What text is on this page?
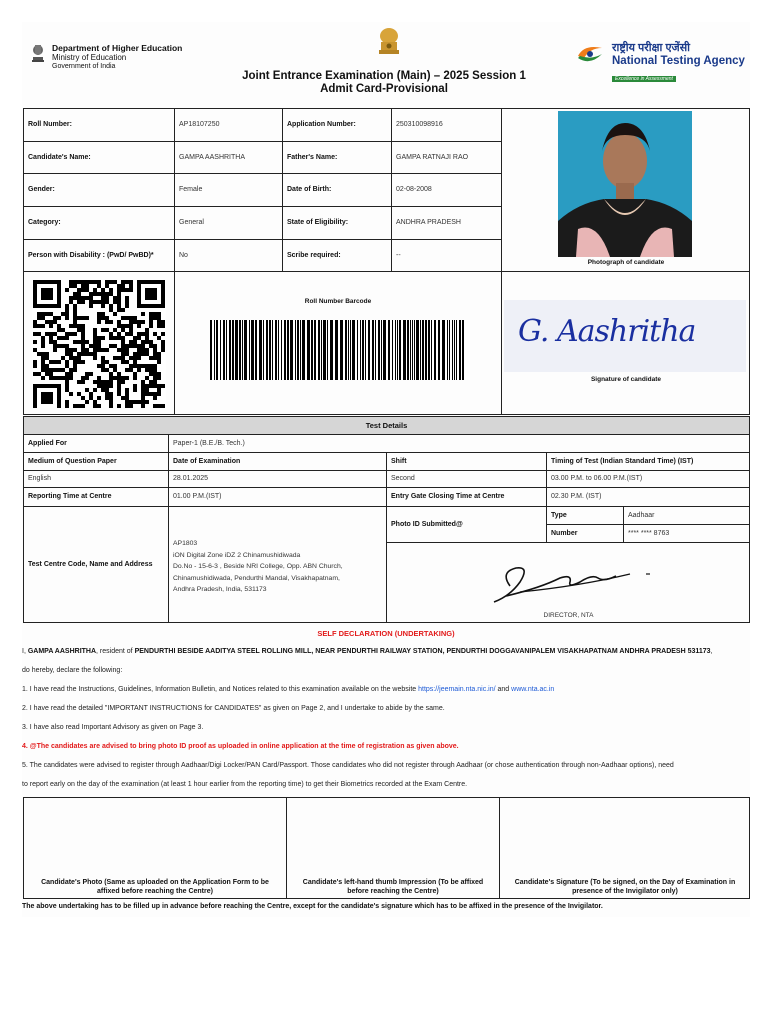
Department of Higher Education
Ministry of Education
Government of India
Joint Entrance Examination (Main) – 2025 Session 1
Admit Card-Provisional
राष्ट्रीय परीक्षा एजेंसी
National Testing Agency
Excellence in Assessment
Roll Number:	AP18107250	Application Number:	250310098916
Candidate's Name:	GAMPA AASHRITHA	Father's Name:	GAMPA RATNAJI RAO
Gender:	Female	Date of Birth:	02-08-2008
Category:	General	State of Eligibility:	ANDHRA PRADESH
Person with Disability : (PwD/ PwBD)*	No	Scribe required:	--
Photograph of candidate
Roll Number Barcode
G. Aashritha
Signature of candidate
Test Details
Applied For	Paper-1 (B.E./B. Tech.)
Medium of Question Paper	Date of Examination	Shift	Timing of Test (Indian Standard Time) (IST)
English	28.01.2025	Second	03.00 P.M. to 06.00 P.M.(IST)
Reporting Time at Centre	01.00 P.M.(IST)	Entry Gate Closing Time at Centre	02.30 P.M. (IST)
Test Centre Code, Name and Address
AP1803
iON Digital Zone iDZ 2 Chinamushidiwada
Do.No - 15-6-3 , Beside NRI College, Opp. ABN Church,
Chinamushidiwada, Pendurthi Mandal, Visakhapatnam,
Andhra Pradesh, India, 531173
Photo ID Submitted@
Type	Aadhaar
Number	**** **** 8763
DIRECTOR, NTA
SELF DECLARATION (UNDERTAKING)
I, GAMPA AASHRITHA, resident of PENDURTHI BESIDE AADITYA STEEL ROLLING MILL, NEAR PENDURTHI RAILWAY STATION, PENDURTHI DOGGAVANIPALEM VISAKHAPATNAM ANDHRA PRADESH 531173,
do hereby, declare the following:
1. I have read the Instructions, Guidelines, Information Bulletin, and Notices related to this examination available on the website https://jeemain.nta.nic.in/ and www.nta.ac.in
2. I have read the detailed "IMPORTANT INSTRUCTIONS for CANDIDATES" as given on Page 2, and I undertake to abide by the same.
3. I have also read Important Advisory as given on Page 3.
4. @The candidates are advised to bring photo ID proof as uploaded in online application at the time of registration as given above.
5. The candidates were advised to register through Aadhaar/Digi Locker/PAN Card/Passport. Those candidates who did not register through Aadhaar (or chose authentication through non-Aadhaar options), need
to report early on the day of the examination (at least 1 hour earlier from the reporting time) to get their Biometrics recorded at the Exam Centre.
Candidate's Photo (Same as uploaded on the Application Form to be affixed before reaching the Centre)
Candidate's left-hand thumb Impression (To be affixed before reaching the Centre)
Candidate's Signature (To be signed, on the Day of Examination in presence of the Invigilator only)
The above undertaking has to be filled up in advance before reaching the Centre, except for the candidate's signature which has to be affixed in the presence of the Invigilator.
